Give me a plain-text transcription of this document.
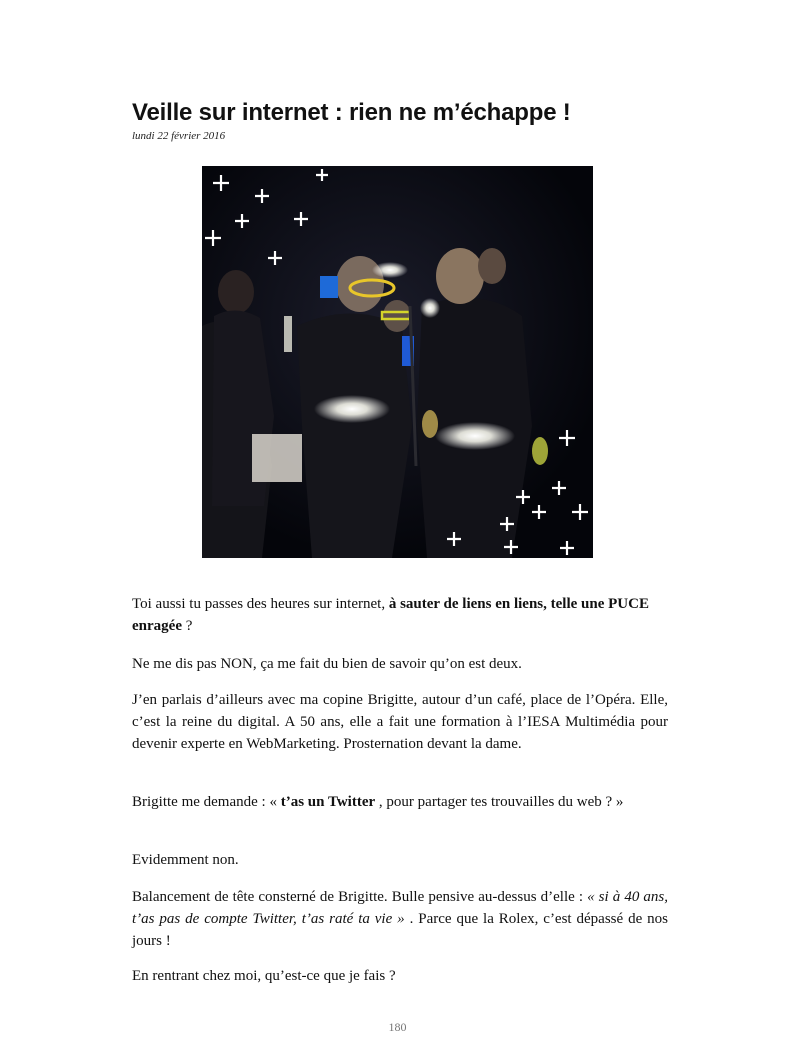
Veille sur internet : rien ne m’échappe !
lundi 22 février 2016

Toi aussi tu passes des heures sur internet, à sauter de liens en liens, telle une PUCE enragée ?

Ne me dis pas NON, ça me fait du bien de savoir qu’on est deux.

J’en parlais d’ailleurs avec ma copine Brigitte, autour d’un café, place de l’Opéra. Elle, c’est la reine du digital. A 50 ans, elle a fait une formation à l’IESA Multimédia pour devenir experte en WebMarketing. Prosternation devant la dame.

Brigitte me demande : « t’as un Twitter , pour partager tes trouvailles du web ? »

Evidemment non.

Balancement de tête consterné de Brigitte. Bulle pensive au-dessus d’elle : « si à 40 ans, t’as pas de compte Twitter, t’as raté ta vie » . Parce que la Rolex, c’est dépassé de nos jours !

En rentrant chez moi, qu’est-ce que je fais ?

180
